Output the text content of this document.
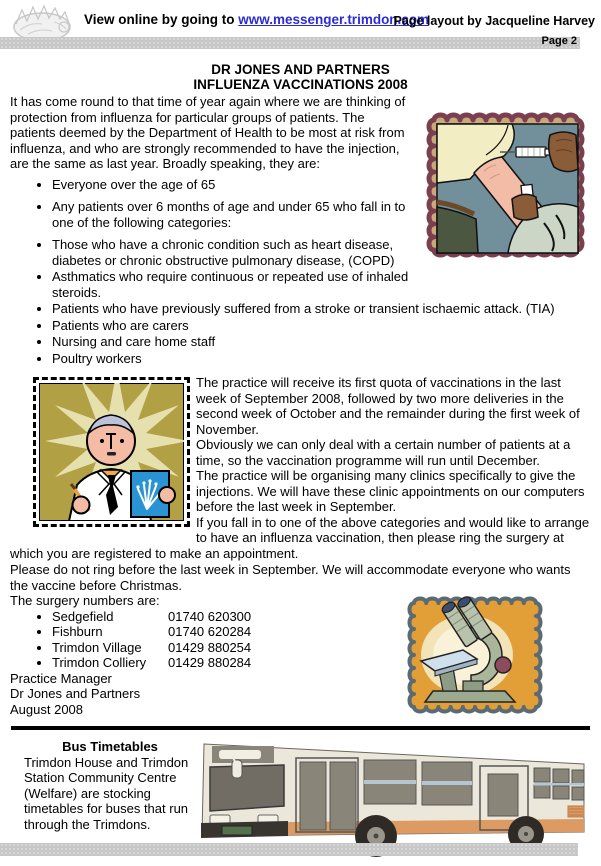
View online by going to www.messenger.trimdon.com
Page layout by Jacqueline Harvey
Page 2
DR JONES AND PARTNERS
INFLUENZA VACCINATIONS 2008

It has come round to that time of year again where we are thinking of protection from influenza for particular groups of patients. The patients deemed by the Department of Health to be most at risk from influenza, and who are strongly recommended to have the injection, are the same as last year. Broadly speaking, they are:

• Everyone over the age of 65
• Any patients over 6 months of age and under 65 who fall in to one of the following categories:
• Those who have a chronic condition such as heart disease, diabetes or chronic obstructive pulmonary disease, (COPD)
• Asthmatics who require continuous or repeated use of inhaled steroids.
• Patients who have previously suffered from a stroke or transient ischaemic attack. (TIA)
• Patients who are carers
• Nursing and care home staff
• Poultry workers

The practice will receive its first quota of vaccinations in the last week of September 2008, followed by two more deliveries in the second week of October and the remainder during the first week of November.

Obviously we can only deal with a certain number of patients at a time, so the vaccination programme will run until December.

The practice will be organising many clinics specifically to give the injections. We will have these clinic appointments on our computers before the last week in September.

If you fall in to one of the above categories and would like to arrange to have an influenza vaccination, then please ring the surgery at which you are registered to make an appointment.

Please do not ring before the last week in September. We will accommodate everyone who wants the vaccine before Christmas.

The surgery numbers are:

• Sedgefield	01740 620300
• Fishburn	01740 620284
• Trimdon Village 01429 880254
• Trimdon Colliery 01429 880284

Practice Manager

Dr Jones and Partners

August 2008

Bus Timetables

Trimdon House and Trimdon Station Community Centre (Welfare) are stocking timetables for buses that run through the Trimdons.
